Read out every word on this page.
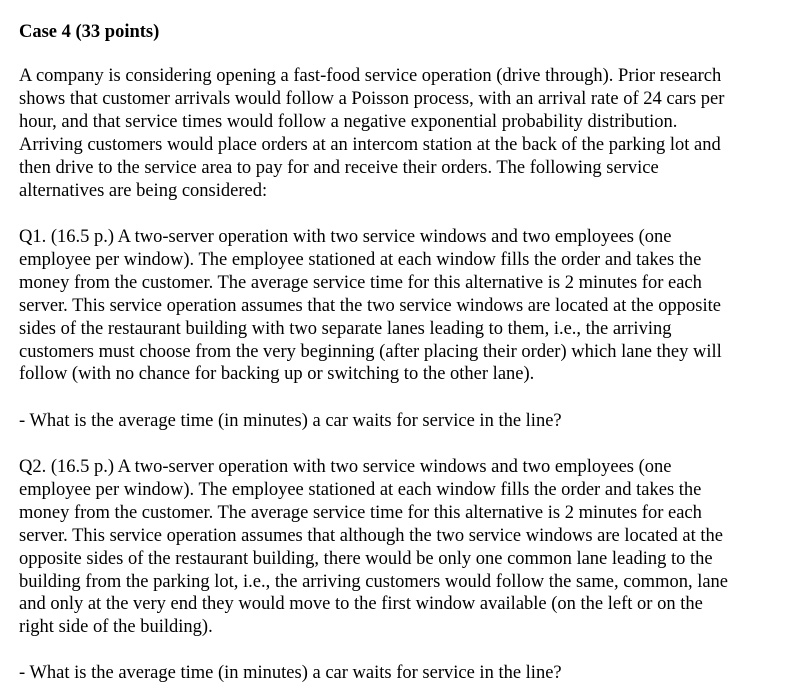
Case 4 (33 points)
A company is considering opening a fast-food service operation (drive through). Prior research
shows that customer arrivals would follow a Poisson process, with an arrival rate of 24 cars per
hour, and that service times would follow a negative exponential probability distribution.
Arriving customers would place orders at an intercom station at the back of the parking lot and
then drive to the service area to pay for and receive their orders. The following service
alternatives are being considered:
Q1. (16.5 p.) A two-server operation with two service windows and two employees (one
employee per window). The employee stationed at each window fills the order and takes the
money from the customer. The average service time for this alternative is 2 minutes for each
server. This service operation assumes that the two service windows are located at the opposite
sides of the restaurant building with two separate lanes leading to them, i.e., the arriving
customers must choose from the very beginning (after placing their order) which lane they will
follow (with no chance for backing up or switching to the other lane).
- What is the average time (in minutes) a car waits for service in the line?
Q2. (16.5 p.) A two-server operation with two service windows and two employees (one
employee per window). The employee stationed at each window fills the order and takes the
money from the customer. The average service time for this alternative is 2 minutes for each
server. This service operation assumes that although the two service windows are located at the
opposite sides of the restaurant building, there would be only one common lane leading to the
building from the parking lot, i.e., the arriving customers would follow the same, common, lane
and only at the very end they would move to the first window available (on the left or on the
right side of the building).
- What is the average time (in minutes) a car waits for service in the line?
